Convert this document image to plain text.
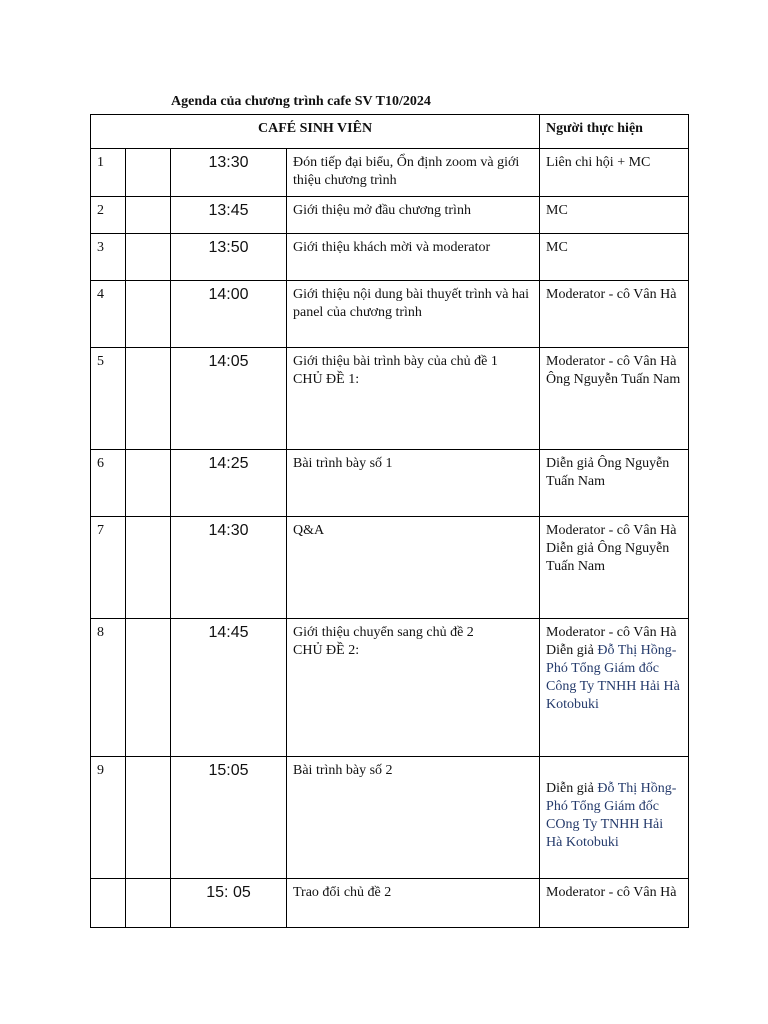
Agenda của chương trình cafe SV T10/2024
CAFÉ SINH VIÊN				Người thực hiện
1		13:30	Đón tiếp đại biểu, Ổn định zoom và giới thiệu chương trình	Liên chi hội + MC

2		13:45	Giới thiệu mở đầu chương trình	MC

3		13:50	Giới thiệu khách mời và moderator	MC

4		14:00	Giới thiệu nội dung bài thuyết trình và hai panel của chương trình	Moderator - cô Vân Hà

5		14:05	Giới thiệu bài trình bày của chủ đề 1
CHỦ ĐỀ 1:	Moderator - cô Vân Hà
Ông Nguyễn Tuấn Nam

6		14:25	Bài trình bày số 1	Diễn giả Ông Nguyễn Tuấn Nam

7		14:30	Q&A	Moderator - cô Vân Hà
Diễn giả Ông Nguyễn Tuấn Nam

8		14:45	Giới thiệu chuyển sang chủ đề 2
CHỦ ĐỀ 2:	Moderator - cô Vân Hà
Diễn giả Đỗ Thị Hồng-Phó Tổng Giám đốc Công Ty TNHH Hải Hà Kotobuki

9		15:05	Bài trình bày số 2	Diễn giả Đỗ Thị Hồng-Phó Tổng Giám đốc COng Ty TNHH Hải Hà Kotobuki

		15: 05	Trao đổi chủ đề 2	Moderator - cô Vân Hà
